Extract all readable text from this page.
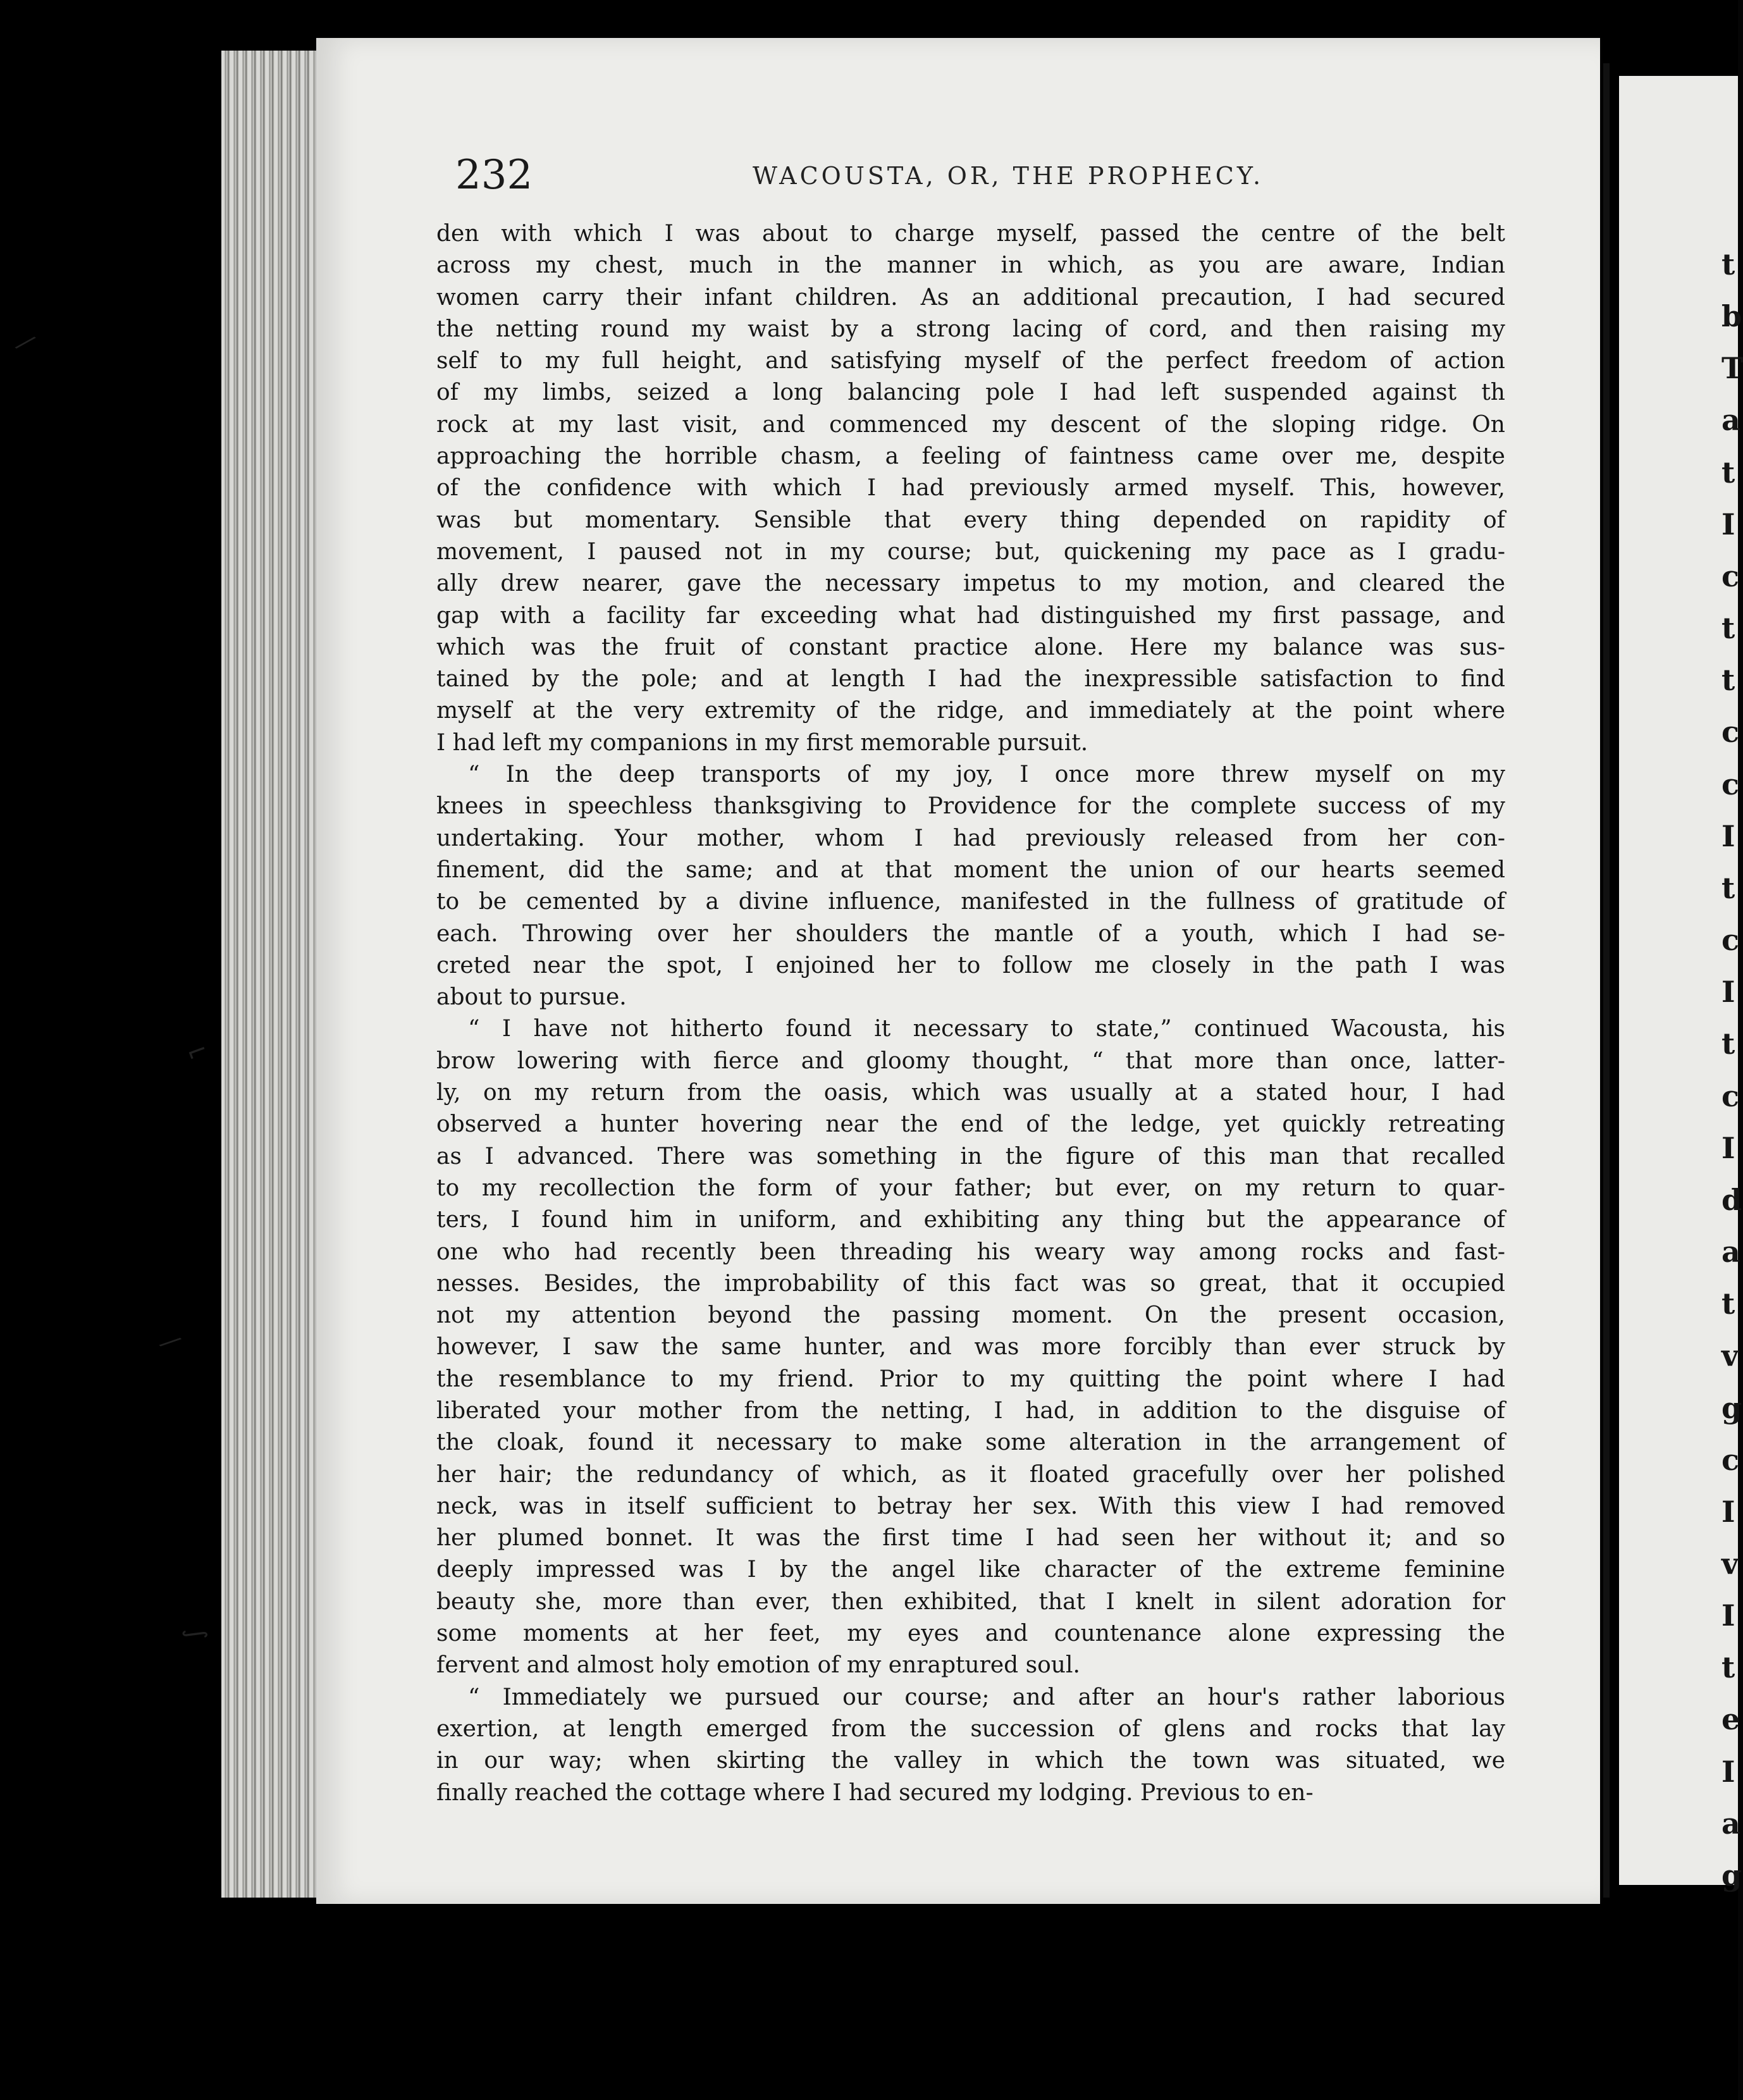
t
b
T
a
t
I
c
t
t
c
c
I
t
c
I
t
c
I
d
a
t
v
g
c
I
v
I
t
e
I
a
g
232	WACOUSTA, OR, THE PROPHECY.
den with which I was about to charge myself, passed the centre of the belt
across my chest, much in the manner in which, as you are aware, Indian
women carry their infant children. As an additional precaution, I had secured
the netting round my waist by a strong lacing of cord, and then raising my
self to my full height, and satisfying myself of the perfect freedom of action
of my limbs, seized a long balancing pole I had left suspended against th
rock at my last visit, and commenced my descent of the sloping ridge. On
approaching the horrible chasm, a feeling of faintness came over me, despite
of the confidence with which I had previously armed myself. This, however,
was but momentary. Sensible that every thing depended on rapidity of
movement, I paused not in my course; but, quickening my pace as I gradu-
ally drew nearer, gave the necessary impetus to my motion, and cleared the
gap with a facility far exceeding what had distinguished my first passage, and
which was the fruit of constant practice alone. Here my balance was sus-
tained by the pole; and at length I had the inexpressible satisfaction to find
myself at the very extremity of the ridge, and immediately at the point where
I had left my companions in my first memorable pursuit.
“ In the deep transports of my joy, I once more threw myself on my
knees in speechless thanksgiving to Providence for the complete success of my
undertaking. Your mother, whom I had previously released from her con-
finement, did the same; and at that moment the union of our hearts seemed
to be cemented by a divine influence, manifested in the fullness of gratitude of
each. Throwing over her shoulders the mantle of a youth, which I had se-
creted near the spot, I enjoined her to follow me closely in the path I was
about to pursue.
“ I have not hitherto found it necessary to state,” continued Wacousta, his
brow lowering with fierce and gloomy thought, “ that more than once, latter-
ly, on my return from the oasis, which was usually at a stated hour, I had
observed a hunter hovering near the end of the ledge, yet quickly retreating
as I advanced. There was something in the figure of this man that recalled
to my recollection the form of your father; but ever, on my return to quar-
ters, I found him in uniform, and exhibiting any thing but the appearance of
one who had recently been threading his weary way among rocks and fast-
nesses. Besides, the improbability of this fact was so great, that it occupied
not my attention beyond the passing moment. On the present occasion,
however, I saw the same hunter, and was more forcibly than ever struck by
the resemblance to my friend. Prior to my quitting the point where I had
liberated your mother from the netting, I had, in addition to the disguise of
the cloak, found it necessary to make some alteration in the arrangement of
her hair; the redundancy of which, as it floated gracefully over her polished
neck, was in itself sufficient to betray her sex. With this view I had removed
her plumed bonnet. It was the first time I had seen her without it; and so
deeply impressed was I by the angel like character of the extreme feminine
beauty she, more than ever, then exhibited, that I knelt in silent adoration for
some moments at her feet, my eyes and countenance alone expressing the
fervent and almost holy emotion of my enraptured soul.
“ Immediately we pursued our course; and after an hour's rather laborious
exertion, at length emerged from the succession of glens and rocks that lay
in our way; when skirting the valley in which the town was situated, we
finally reached the cottage where I had secured my lodging. Previous to en-
⁄
⌐
⁄
∫
